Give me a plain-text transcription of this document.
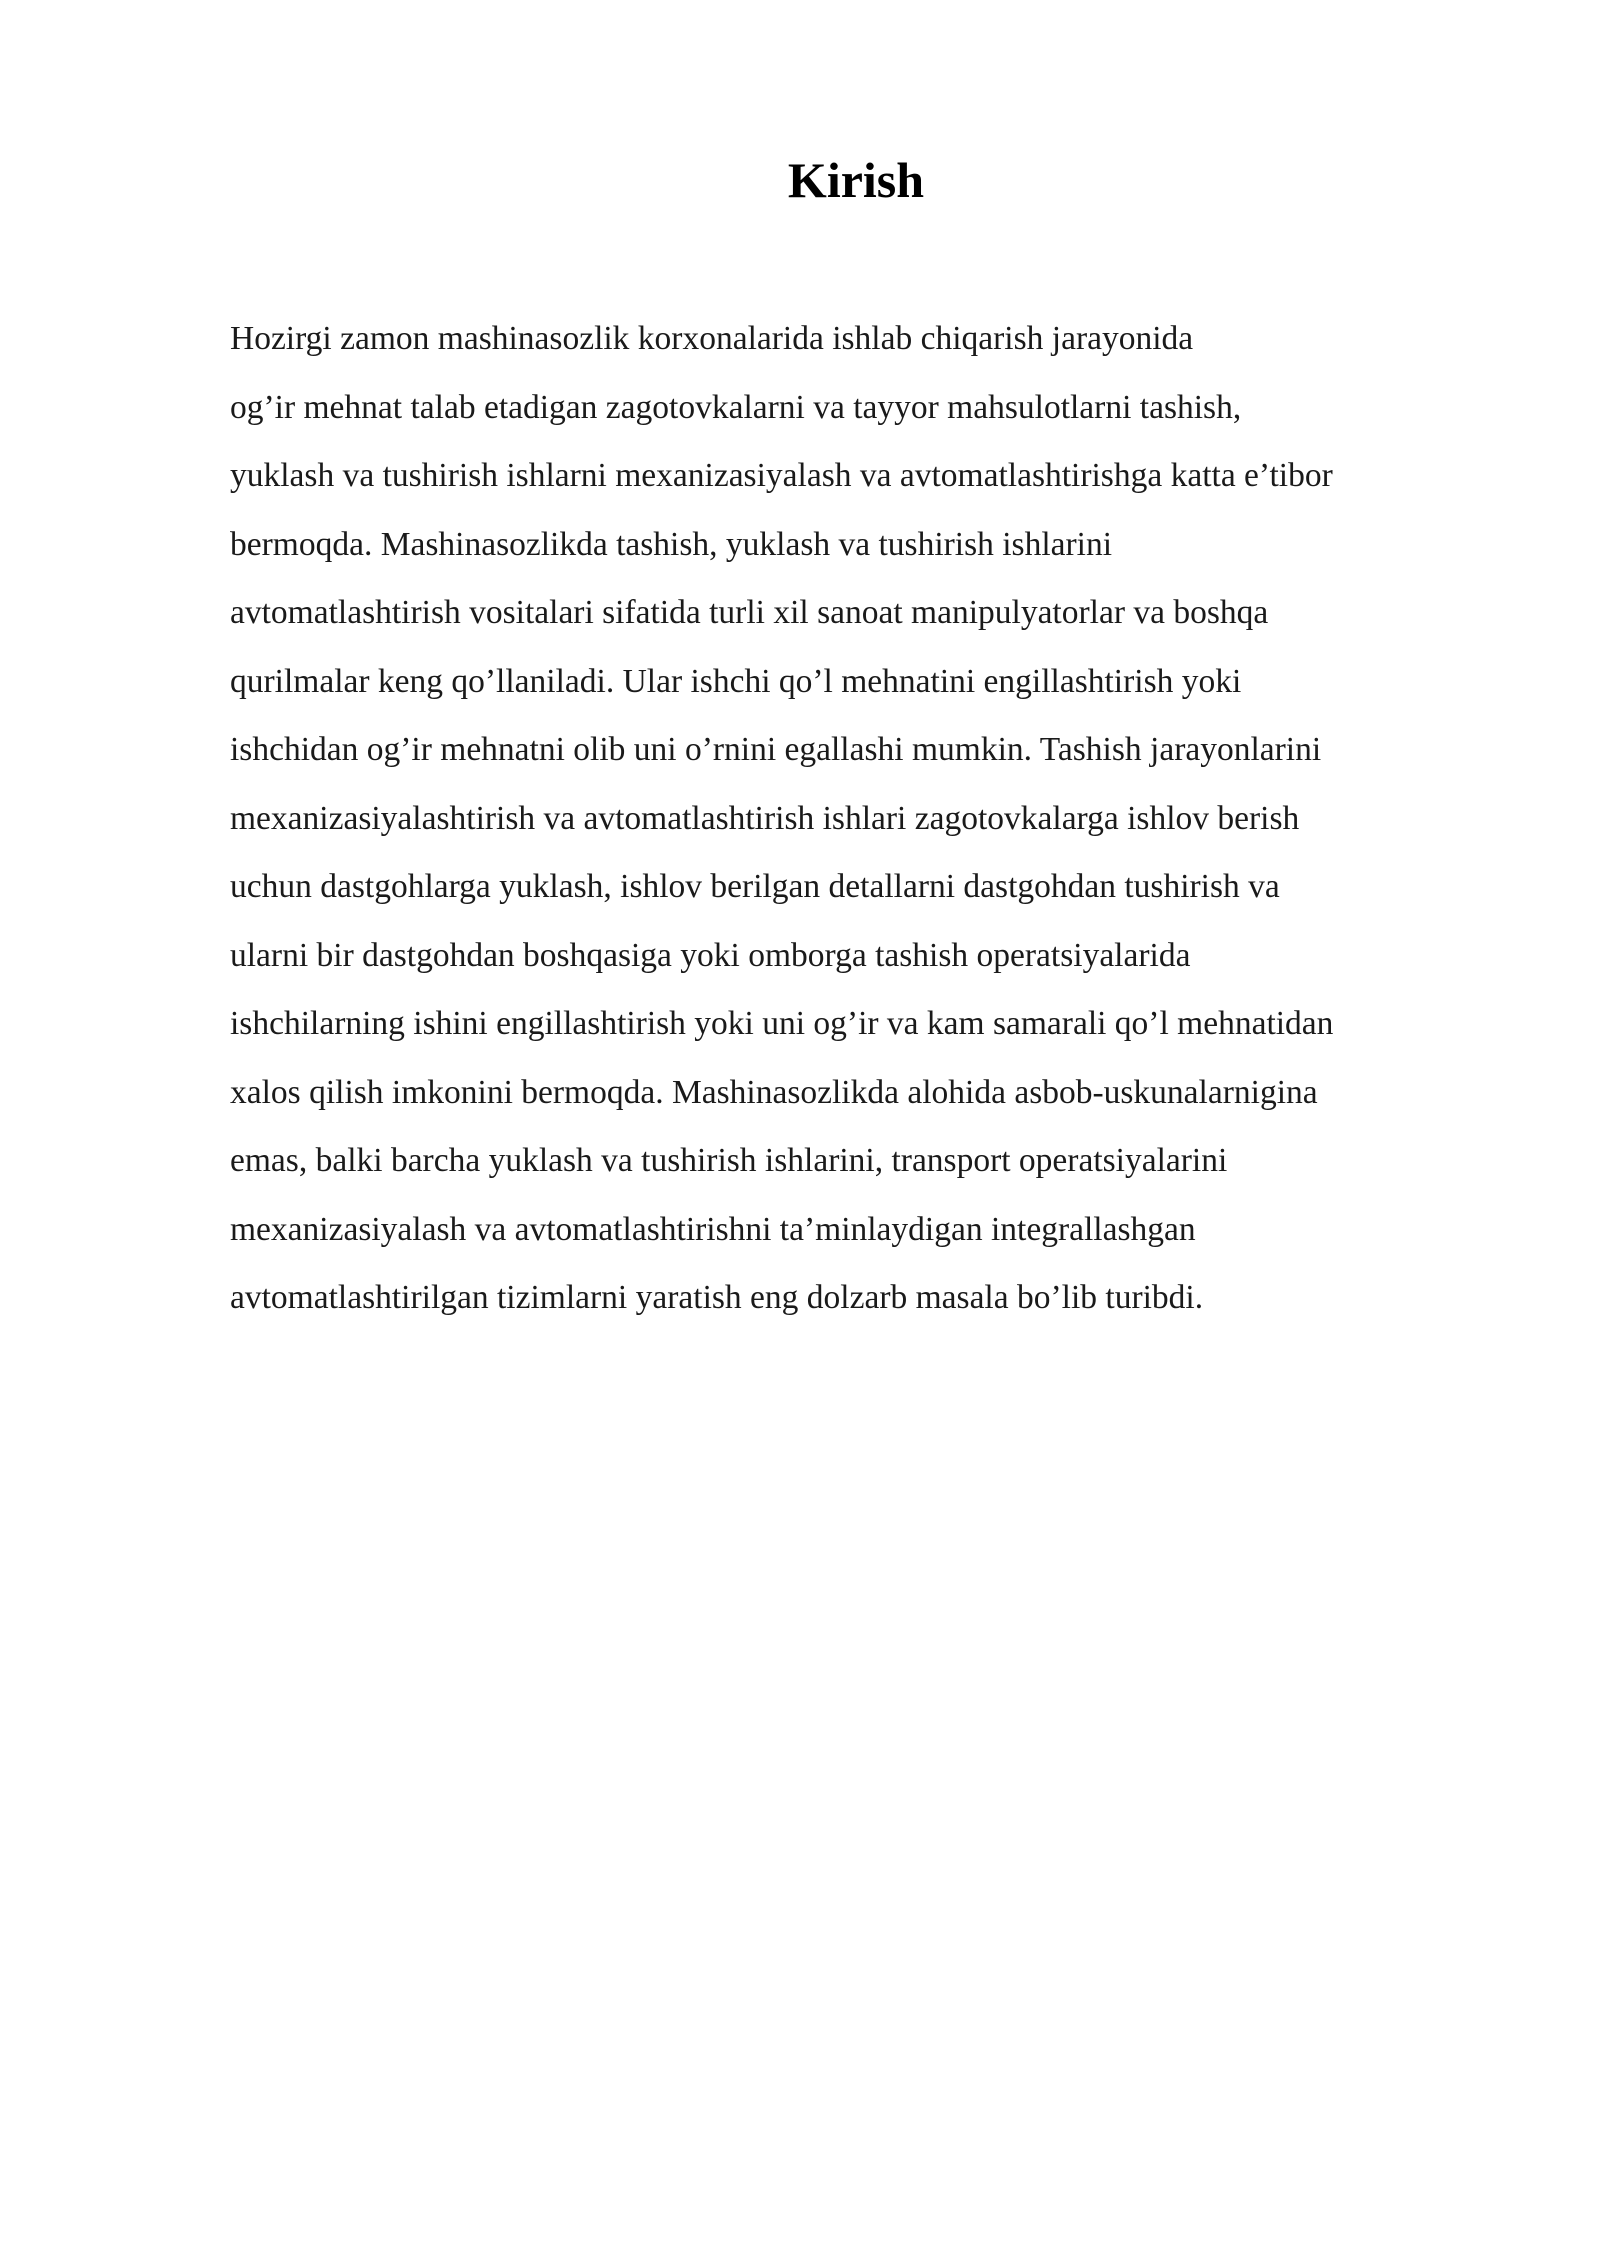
Kirish
Hozirgi zamon mashinasozlik korxonalarida ishlab chiqarish jarayonida
og’ir mehnat talab etadigan zagotovkalarni va tayyor mahsulotlarni tashish,
yuklash va tushirish ishlarni mexanizasiyalash va avtomatlashtirishga katta e’tibor
bermoqda. Mashinasozlikda tashish, yuklash va tushirish ishlarini
avtomatlashtirish vositalari sifatida turli xil sanoat manipulyatorlar va boshqa
qurilmalar keng qo’llaniladi. Ular ishchi qo’l mehnatini engillashtirish yoki
ishchidan og’ir mehnatni olib uni o’rnini egallashi mumkin. Tashish jarayonlarini
mexanizasiyalashtirish va avtomatlashtirish ishlari zagotovkalarga ishlov berish
uchun dastgohlarga yuklash, ishlov berilgan detallarni dastgohdan tushirish va
ularni bir dastgohdan boshqasiga yoki omborga tashish operatsiyalarida
ishchilarning ishini engillashtirish yoki uni og’ir va kam samarali qo’l mehnatidan
xalos qilish imkonini bermoqda. Mashinasozlikda alohida asbob-uskunalarnigina
emas, balki barcha yuklash va tushirish ishlarini, transport operatsiyalarini
mexanizasiyalash va avtomatlashtirishni ta’minlaydigan integrallashgan
avtomatlashtirilgan tizimlarni yaratish eng dolzarb masala bo’lib turibdi.
